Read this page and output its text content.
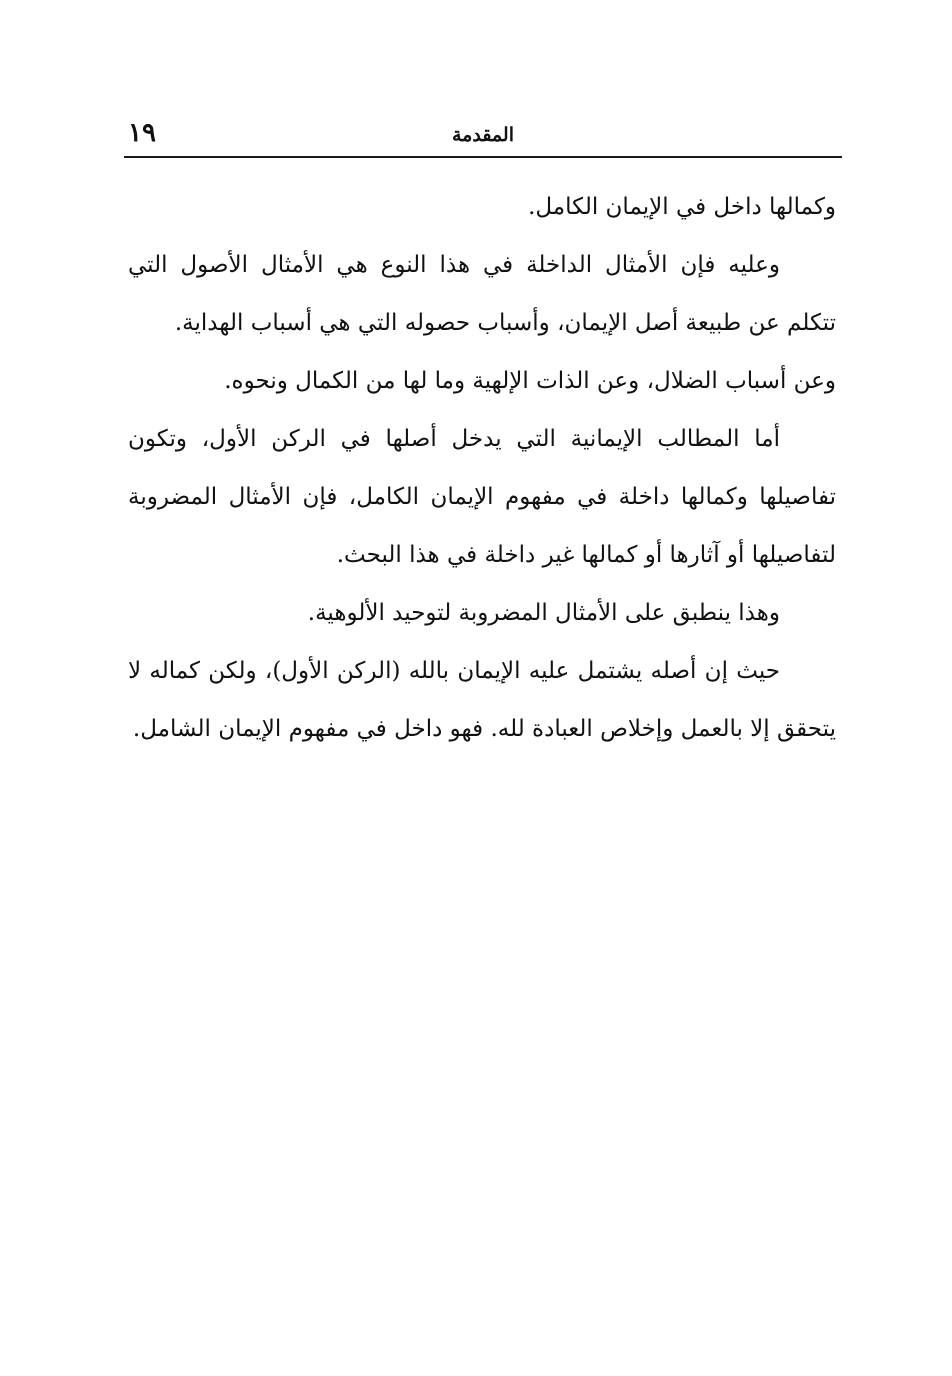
١٩	المقدمة

وكمالها داخل في الإيمان الكامل.

وعليه فإن الأمثال الداخلة في هذا النوع هي الأمثال الأصول التي تتكلم عن طبيعة أصل الإيمان، وأسباب حصوله التي هي أسباب الهداية.

وعن أسباب الضلال، وعن الذات الإلهية وما لها من الكمال ونحوه.

أما المطالب الإيمانية التي يدخل أصلها في الركن الأول، وتكون تفاصيلها وكمالها داخلة في مفهوم الإيمان الكامل، فإن الأمثال المضروبة لتفاصيلها أو آثارها أو كمالها غير داخلة في هذا البحث.

وهذا ينطبق على الأمثال المضروبة لتوحيد الألوهية.

حيث إن أصله يشتمل عليه الإيمان بالله (الركن الأول)، ولكن كماله لا يتحقق إلا بالعمل وإخلاص العبادة لله. فهو داخل في مفهوم الإيمان الشامل.
